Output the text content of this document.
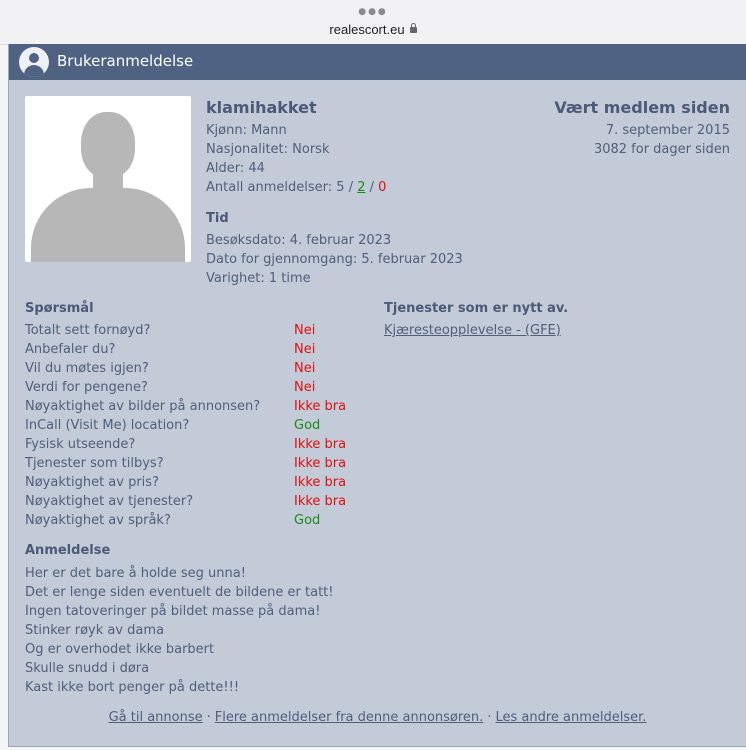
●●●
realescort.eu
Brukeranmeldelse
klamihakket
Kjønn: Mann
Nasjonalitet: Norsk
Alder: 44
Antall anmeldelser: 5 / 2 / 0
Vært medlem siden
7. september 2015
3082 for dager siden
Tid
Besøksdato: 4. februar 2023
Dato for gjennomgang: 5. februar 2023
Varighet: 1 time
Spørsmål	Tjenester som er nytt av.
Kjæresteopplevelse - (GFE)
Totalt sett fornøyd?	Nei
Anbefaler du?	Nei
Vil du møtes igjen?	Nei
Verdi for pengene?	Nei
Nøyaktighet av bilder på annonsen?	Ikke bra
InCall (Visit Me) location?	God
Fysisk utseende?	Ikke bra
Tjenester som tilbys?	Ikke bra
Nøyaktighet av pris?	Ikke bra
Nøyaktighet av tjenester?	Ikke bra
Nøyaktighet av språk?	God
Anmeldelse
Her er det bare å holde seg unna!
Det er lenge siden eventuelt de bildene er tatt!
Ingen tatoveringer på bildet masse på dama!
Stinker røyk av dama
Og er overhodet ikke barbert
Skulle snudd i døra
Kast ikke bort penger på dette!!!
Gå til annonse · Flere anmeldelser fra denne annonsøren. · Les andre anmeldelser.
